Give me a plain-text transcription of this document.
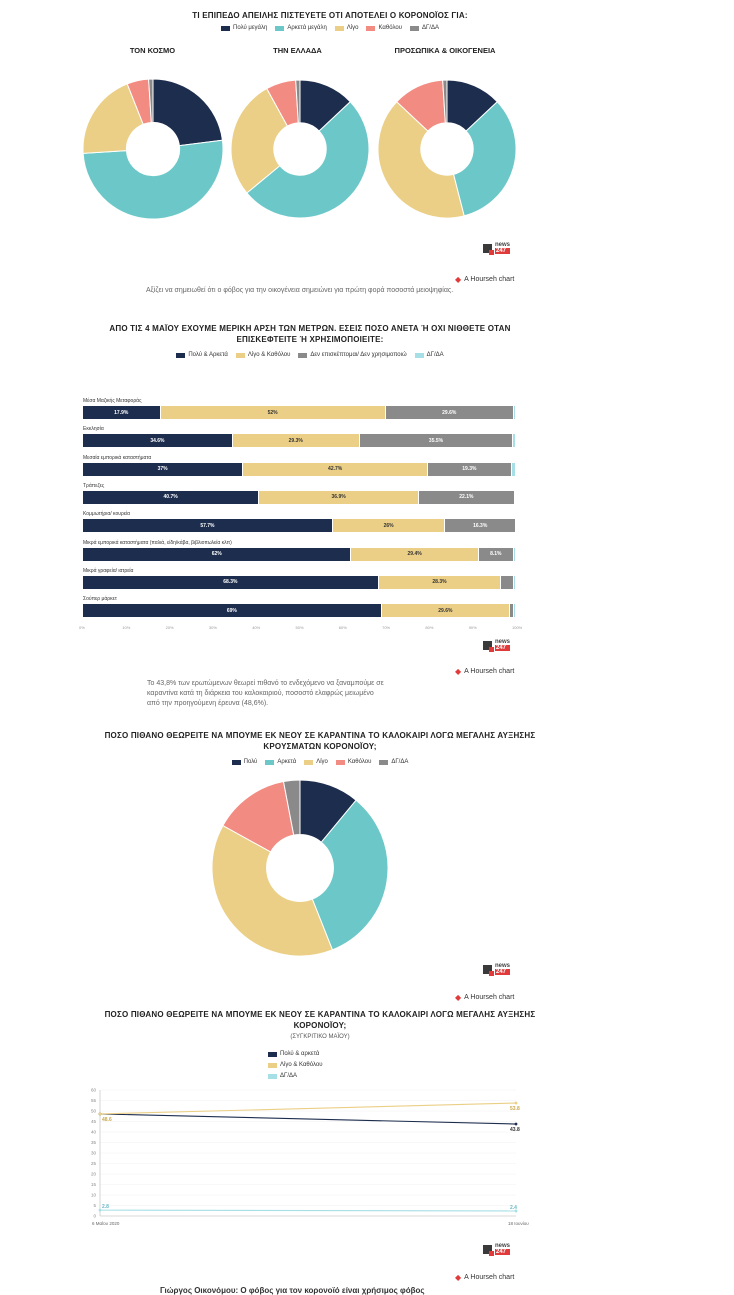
ΤΙ ΕΠΙΠΕΔΟ ΑΠΕΙΛΗΣ ΠΙΣΤΕΥΕΤΕ ΟΤΙ ΑΠΟΤΕΛΕΙ Ο ΚΟΡΟΝΟΪΟΣ ΓΙΑ:
Πολύ μεγάλη	Αρκετά μεγάλη	Λίγο	Καθόλου	ΔΓ/ΔΑ
ΤΟΝ ΚΟΣΜΟ	ΤΗΝ ΕΛΛΑΔΑ	ΠΡΟΣΩΠΙΚΑ & ΟΙΚΟΓΕΝΕΙΑ
news
247
◆ A Hourseh chart
Αξίζει να σημειωθεί ότι ο φόβος για την οικογένεια σημειώνει για πρώτη φορά ποσοστά μειοψηφίας.
ΑΠΟ ΤΙΣ 4 ΜΑΪΟΥ ΕΧΟΥΜΕ ΜΕΡΙΚΗ ΑΡΣΗ ΤΩΝ ΜΕΤΡΩΝ. ΕΣΕΙΣ ΠΟΣΟ ΑΝΕΤΑ Ή ΟΧΙ ΝΙΘΘΕΤΕ ΟΤΑΝ
ΕΠΙΣΚΕΦΤΕΙΤΕ Ή ΧΡΗΣΙΜΟΠΟΙΕΙΤΕ:
Πολύ & Αρκετά	Λίγο & Καθόλου	Δεν επισκέπτομαι/ Δεν χρησιμοποιώ	ΔΓ/ΔΑ
Μέσα Μαζικής Μεταφοράς
17.9%	52%	29.6%
Εκκλησία
34.6%	29.3%	35.5%
Μεσαία εμπορικά καταστήματα
37%	42.7%	19.3%
Τράπεζες
40.7%	36.9%	22.1%
Κομμωτήρια/ κουρεία
57.7%	26%	16.3%
Μικρά εμπορικά καταστήματα (παλιά, είδη/κάβα, βιβλιοπωλεία κλπ)
62%	29.4%	8.1%
Μικρά γραφεία/ ιατρεία
68.3%	28.3%
Σούπερ μάρκετ
69%	29.6%
0%	10%	20%	30%	40%	50%	60%	70%	80%	90%	100%
news
247
◆ A Hourseh chart
Το 43,8% των ερωτώμενων θεωρεί πιθανό το ενδεχόμενο να ξαναμπούμε σε
καραντίνα κατά τη διάρκεια του καλοκαιριού, ποσοστό ελαφρώς μειωμένο
από την προηγούμενη έρευνα (48,6%).
ΠΟΣΟ ΠΙΘΑΝΟ ΘΕΩΡΕΙΤΕ ΝΑ ΜΠΟΥΜΕ ΕΚ ΝΕΟΥ ΣΕ ΚΑΡΑΝΤΙΝΑ ΤΟ ΚΑΛΟΚΑΙΡΙ ΛΟΓΩ ΜΕΓΑΛΗΣ ΑΥΞΗΣΗΣ
ΚΡΟΥΣΜΑΤΩΝ ΚΟΡΟΝΟΪΟΥ;
Πολύ	Αρκετά	Λίγο	Καθόλου	ΔΓ/ΔΑ
news
247
◆ A Hourseh chart
ΠΟΣΟ ΠΙΘΑΝΟ ΘΕΩΡΕΙΤΕ ΝΑ ΜΠΟΥΜΕ ΕΚ ΝΕΟΥ ΣΕ ΚΑΡΑΝΤΙΝΑ ΤΟ ΚΑΛΟΚΑΙΡΙ ΛΟΓΩ ΜΕΓΑΛΗΣ ΑΥΞΗΣΗΣ
ΚΟΡΟΝΟΪΟΥ;
(ΣΥΓΚΡΙΤΙΚΟ ΜΑΪΟΥ)
Πολύ & αρκετά
Λίγο & Καθόλου
ΔΓ/ΔΑ
60
55
50
45
40
35
30
25
20
15
10
5
0
43.8
48.6
53.8
2.8	2.4
6 Μαΐου 2020	18 Ιουνίου
news
247
◆ A Hourseh chart
Γιώργος Οικονόμου: Ο φόβος για τον κορονοϊό είναι χρήσιμος φόβος
